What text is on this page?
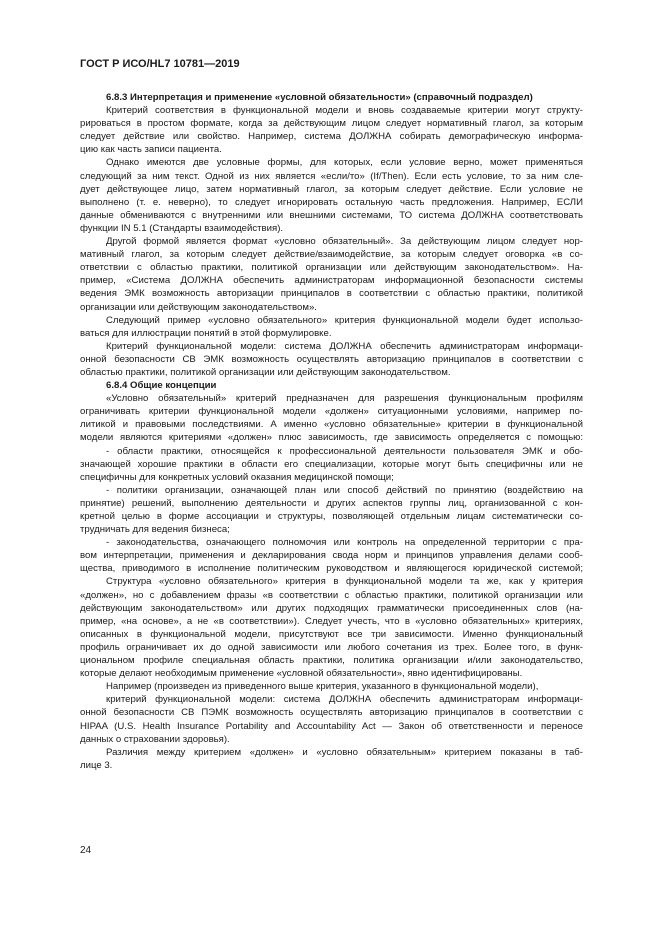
ГОСТ Р ИСО/HL7 10781—2019
6.8.3 Интерпретация и применение «условной обязательности» (справочный подраздел)
Критерий соответствия в функциональной модели и вновь создаваемые критерии могут структу-
рироваться в простом формате, когда за действующим лицом следует нормативный глагол, за которым
следует действие или свойство. Например, система ДОЛЖНА собирать демографическую информа-
цию как часть записи пациента.
Однако имеются две условные формы, для которых, если условие верно, может применяться
следующий за ним текст. Одной из них является «если/то» (If/Then). Если есть условие, то за ним сле-
дует действующее лицо, затем нормативный глагол, за которым следует действие. Если условие не
выполнено (т. е. неверно), то следует игнорировать остальную часть предложения. Например, ЕСЛИ
данные обмениваются с внутренними или внешними системами, ТО система ДОЛЖНА соответствовать
функции IN 5.1 (Стандарты взаимодействия).
Другой формой является формат «условно обязательный». За действующим лицом следует нор-
мативный глагол, за которым следует действие/взаимодействие, за которым следует оговорка «в со-
ответствии с областью практики, политикой организации или действующим законодательством». На-
пример, «Система ДОЛЖНА обеспечить администраторам информационной безопасности системы
ведения ЭМК возможность авторизации принципалов в соответствии с областью практики, политикой
организации или действующим законодательством».
Следующий пример «условно обязательного» критерия функциональной модели будет использо-
ваться для иллюстрации понятий в этой формулировке.
Критерий функциональной модели: система ДОЛЖНА обеспечить администраторам информаци-
онной безопасности СВ ЭМК возможность осуществлять авторизацию принципалов в соответствии с
областью практики, политикой организации или действующим законодательством.
6.8.4 Общие концепции
«Условно обязательный» критерий предназначен для разрешения функциональным профилям
ограничивать критерии функциональной модели «должен» ситуационными условиями, например по-
литикой и правовыми последствиями. А именно «условно обязательные» критерии в функциональной
модели являются критериями «должен» плюс зависимость, где зависимость определяется с помощью:
- области практики, относящейся к профессиональной деятельности пользователя ЭМК и обо-
значающей хорошие практики в области его специализации, которые могут быть специфичны или не
специфичны для конкретных условий оказания медицинской помощи;
- политики организации, означающей план или способ действий по принятию (воздействию на
принятие) решений, выполнению деятельности и других аспектов группы лиц, организованной с кон-
кретной целью в форме ассоциации и структуры, позволяющей отдельным лицам систематически со-
трудничать для ведения бизнеса;
- законодательства, означающего полномочия или контроль на определенной территории с пра-
вом интерпретации, применения и декларирования свода норм и принципов управления делами сооб-
щества, приводимого в исполнение политическим руководством и являющегося юридической системой;
Структура «условно обязательного» критерия в функциональной модели та же, как у критерия
«должен», но с добавлением фразы «в соответствии с областью практики, политикой организации или
действующим законодательством» или других подходящих грамматически присоединенных слов (на-
пример, «на основе», а не «в соответствии»). Следует учесть, что в «условно обязательных» критериях,
описанных в функциональной модели, присутствуют все три зависимости. Именно функциональный
профиль ограничивает их до одной зависимости или любого сочетания из трех. Более того, в функ-
циональном профиле специальная область практики, политика организации и/или законодательство,
которые делают необходимым применение «условной обязательности», явно идентифицированы.
Например (произведен из приведенного выше критерия, указанного в функциональной модели),
критерий функциональной модели: система ДОЛЖНА обеспечить администраторам информаци-
онной безопасности СВ ПЭМК возможность осуществлять авторизацию принципалов в соответствии с
HIPAA (U.S. Health Insurance Portability and Accountability Act — Закон об ответственности и переносе
данных о страховании здоровья).
Различия между критерием «должен» и «условно обязательным» критерием показаны в таб-
лице 3.
24
